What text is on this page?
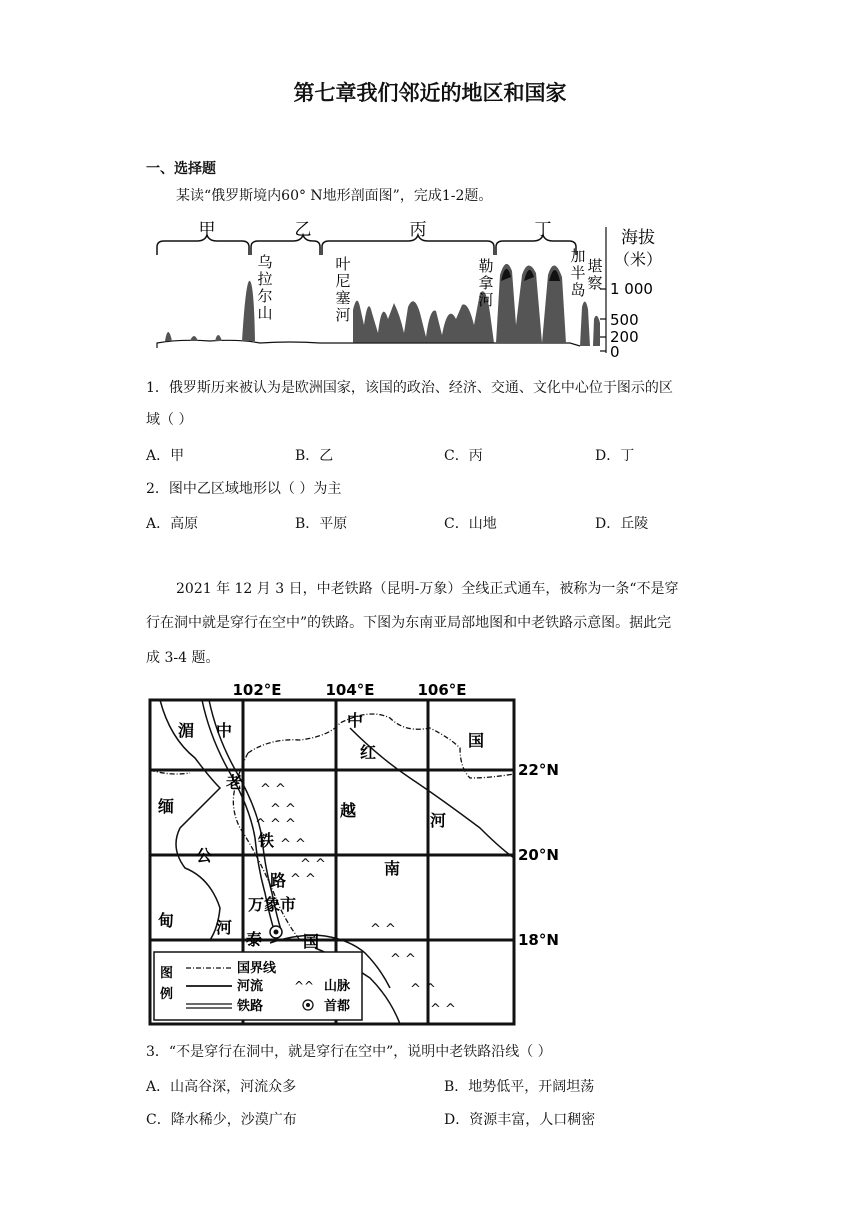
第七章我们邻近的地区和国家
一、选择题
某读“俄罗斯境内60° N地形剖面图”，完成1-2题。
甲	乙	丙	丁
乌拉尔山
叶尼塞河
勒拿河
加半岛
堪察
海拔
（米）
1 000
500
200
0
1．俄罗斯历来被认为是欧洲国家，该国的政治、经济、交通、文化中心位于图示的区
域（ ）
A．甲	B．乙	C．丙	D．丁
2．图中乙区域地形以（ ）为主
A．高原	B．平原	C．山地	D．丘陵
2021 年 12 月 3 日，中老铁路（昆明-万象）全线正式通车，被称为一条“不是穿
行在洞中就是穿行在空中”的铁路。下图为东南亚局部地图和中老铁路示意图。据此完
成 3-4 题。
102°E	104°E	106°E
22°N
20°N
18°N
^ ^
^ ^
^ ^ ^
^ ^
^ ^
^ ^
^ ^
^ ^
^ ^
^ ^
湄 中
中
国
红
老
缅	越
铁
公
河
路
万象市
南
甸	河
泰	国
图
例
国界线
河流	山脉
铁路	首都
^^
3．“不是穿行在洞中，就是穿行在空中”，说明中老铁路沿线（ ）
A．山高谷深，河流众多	B．地势低平，开阔坦荡
C．降水稀少，沙漠广布	D．资源丰富，人口稠密
